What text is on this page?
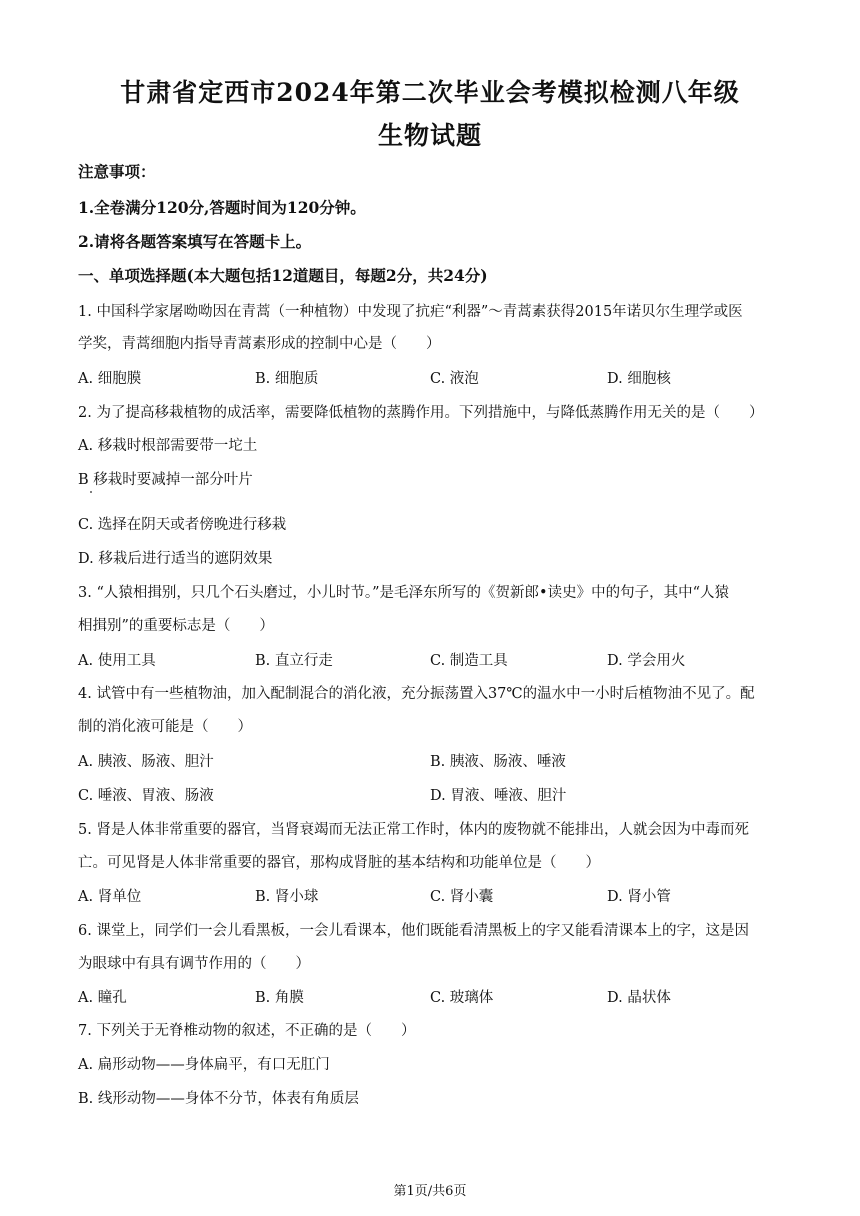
甘肃省定西市2024年第二次毕业会考模拟检测八年级
生物试题
注意事项：
1.全卷满分120分,答题时间为120分钟。
2.请将各题答案填写在答题卡上。
一、单项选择题(本大题包括12道题目，每题2分，共24分)
1. 中国科学家屠呦呦因在青蒿（一种植物）中发现了抗疟“利器”～青蒿素获得2015年诺贝尔生理学或医
学奖，青蒿细胞内指导青蒿素形成的控制中心是（　　）
A. 细胞膜	B. 细胞质	C. 液泡	D. 细胞核
2. 为了提高移栽植物的成活率，需要降低植物的蒸腾作用。下列措施中，与降低蒸腾作用无关的是（　　）
A. 移栽时根部需要带一坨土
B 移栽时要减掉一部分叶片
C. 选择在阴天或者傍晚进行移栽
D. 移栽后进行适当的遮阴效果
3. “人猿相揖别，只几个石头磨过，小儿时节。”是毛泽东所写的《贺新郎•读史》中的句子，其中“人猿
相揖别”的重要标志是（　　）
A. 使用工具	B. 直立行走	C. 制造工具	D. 学会用火
4. 试管中有一些植物油，加入配制混合的消化液，充分振荡置入37℃的温水中一小时后植物油不见了。配
制的消化液可能是（　　）
A. 胰液、肠液、胆汁	B. 胰液、肠液、唾液
C. 唾液、胃液、肠液	D. 胃液、唾液、胆汁
5. 肾是人体非常重要的器官，当肾衰竭而无法正常工作时，体内的废物就不能排出，人就会因为中毒而死
亡。可见肾是人体非常重要的器官，那构成肾脏的基本结构和功能单位是（　　）
A. 肾单位	B. 肾小球	C. 肾小囊	D. 肾小管
6. 课堂上，同学们一会儿看黑板，一会儿看课本，他们既能看清黑板上的字又能看清课本上的字，这是因
为眼球中有具有调节作用的（　　）
A. 瞳孔	B. 角膜	C. 玻璃体	D. 晶状体
7. 下列关于无脊椎动物的叙述，不正确的是（　　）
A. 扁形动物——身体扁平，有口无肛门
B. 线形动物——身体不分节，体表有角质层
第1页/共6页
